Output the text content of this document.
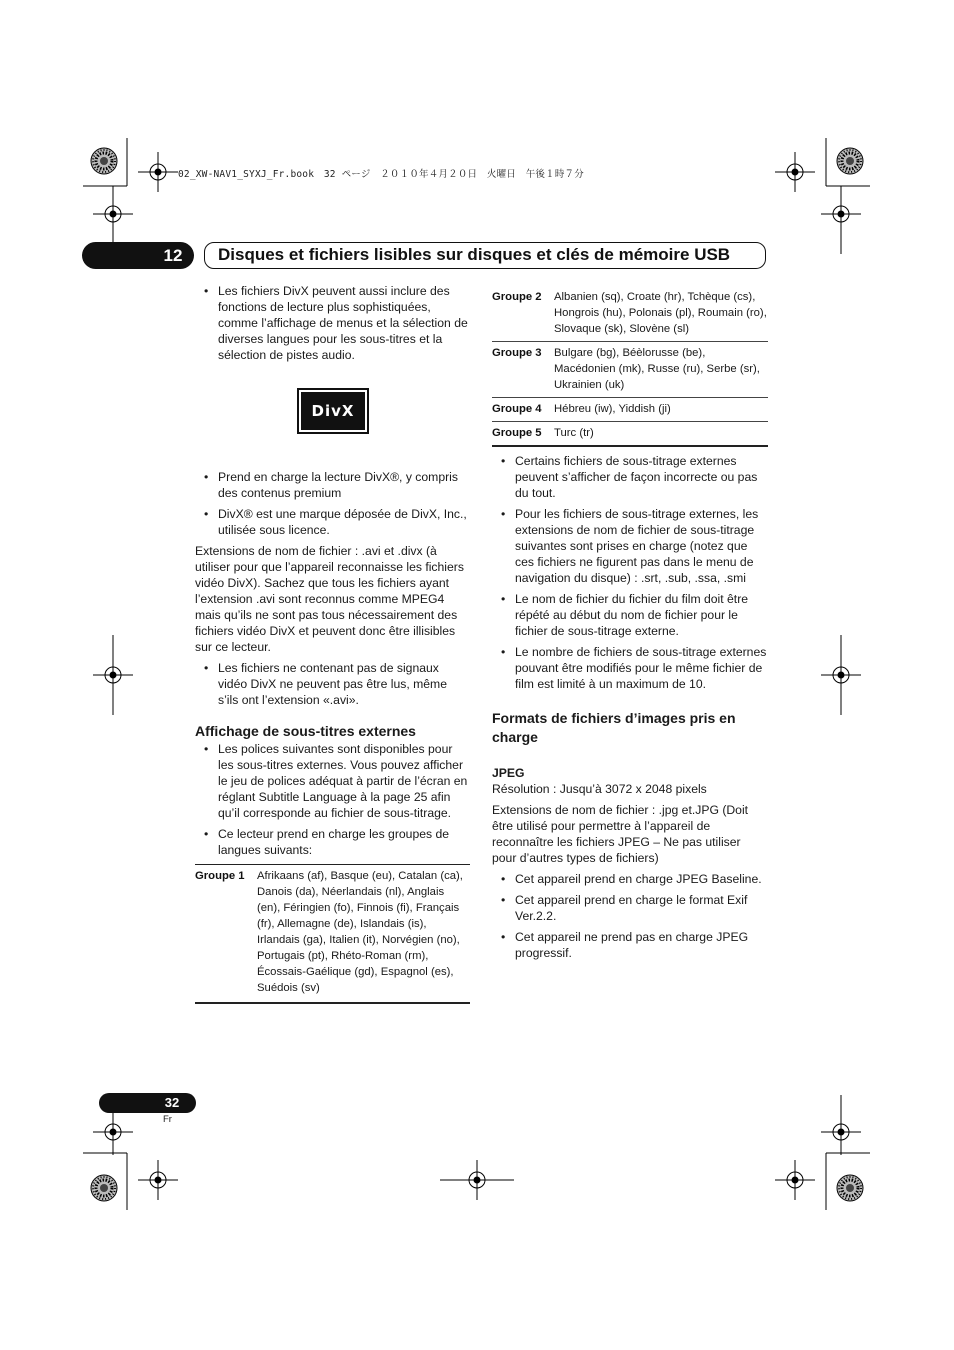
02_XW-NAV1_SYXJ_Fr.book　32 ページ　２０１０年４月２０日　火曜日　午後１時７分
12	Disques et fichiers lisibles sur disques et clés de mémoire USB
• Les fichiers DivX peuvent aussi inclure des fonctions de lecture plus sophistiquées, comme l’affichage de menus et la sélection de diverses langues pour les sous-titres et la sélection de pistes audio.
DivX
• Prend en charge la lecture DivX®, y compris des contenus premium
• DivX® est une marque déposée de DivX, Inc., utilisée sous licence.

Extensions de nom de fichier : .avi et .divx (à utiliser pour que l’appareil reconnaisse les fichiers vidéo DivX). Sachez que tous les fichiers ayant l’extension .avi sont reconnus comme MPEG4 mais qu’ils ne sont pas tous nécessairement des fichiers vidéo DivX et peuvent donc être illisibles sur ce lecteur.

• Les fichiers ne contenant pas de signaux vidéo DivX ne peuvent pas être lus, même s’ils ont l’extension «.avi».
Affichage de sous-titres externes
• Les polices suivantes sont disponibles pour les sous-titres externes. Vous pouvez afficher le jeu de polices adéquat à partir de l’écran en réglant Subtitle Language à la page 25 afin qu’il corresponde au fichier de sous-titrage.
• Ce lecteur prend en charge les groupes de langues suivants:
Groupe 1	Afrikaans (af), Basque (eu), Catalan (ca), Danois (da), Néerlandais (nl), Anglais (en), Féringien (fo), Finnois (fi), Français (fr), Allemagne (de), Islandais (is), Irlandais (ga), Italien (it), Norvégien (no), Portugais (pt), Rhéto-Roman (rm), Écossais-Gaélique (gd), Espagnol (es), Suédois (sv)
Groupe 2	Albanien (sq), Croate (hr), Tchèque (cs), Hongrois (hu), Polonais (pl), Roumain (ro), Slovaque (sk), Slovène (sl)
Groupe 3	Bulgare (bg), Béèlorusse (be), Macédonien (mk), Russe (ru), Serbe (sr), Ukrainien (uk)
Groupe 4	Hébreu (iw), Yiddish (ji)
Groupe 5	Turc (tr)
• Certains fichiers de sous-titrage externes peuvent s’afficher de façon incorrecte ou pas du tout.
• Pour les fichiers de sous-titrage externes, les extensions de nom de fichier de sous-titrage suivantes sont prises en charge (notez que ces fichiers ne figurent pas dans le menu de navigation du disque) : .srt, .sub, .ssa, .smi
• Le nom de fichier du fichier du film doit être répété au début du nom de fichier pour le fichier de sous-titrage externe.
• Le nombre de fichiers de sous-titrage externes pouvant être modifiés pour le même fichier de film est limité à un maximum de 10.
Formats de fichiers d’images pris en charge
JPEG

Résolution : Jusqu’à 3072 x 2048 pixels

Extensions de nom de fichier : .jpg et.JPG (Doit être utilisé pour permettre à l’appareil de reconnaître les fichiers JPEG – Ne pas utiliser pour d’autres types de fichiers)

• Cet appareil prend en charge JPEG Baseline.
• Cet appareil prend en charge le format Exif Ver.2.2.
• Cet appareil ne prend pas en charge JPEG progressif.
32
Fr
